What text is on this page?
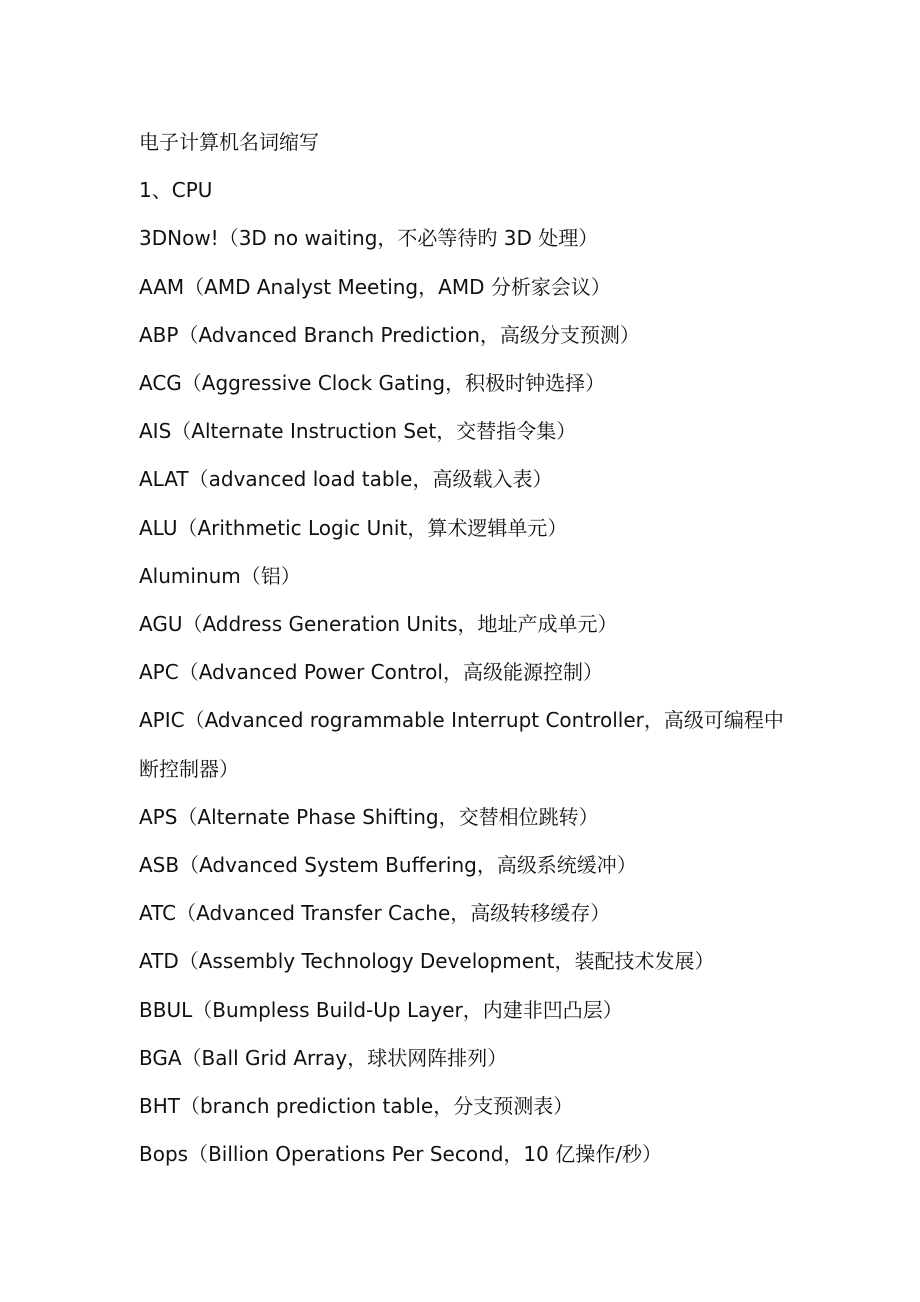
电子计算机名词缩写

1、CPU

3DNow!（3D no waiting，不必等待旳 3D 处理）

AAM（AMD Analyst Meeting，AMD 分析家会议）

ABP（Advanced Branch Prediction，高级分支预测）

ACG（Aggressive Clock Gating，积极时钟选择）

AIS（Alternate Instruction Set，交替指令集）

ALAT（advanced load table，高级载入表）

ALU（Arithmetic Logic Unit，算术逻辑单元）

Aluminum（铝）

AGU（Address Generation Units，地址产成单元）

APC（Advanced Power Control，高级能源控制）

APIC（Advanced rogrammable Interrupt Controller，高级可编程中断控制器）

APS（Alternate Phase Shifting，交替相位跳转）

ASB（Advanced System Buffering，高级系统缓冲）

ATC（Advanced Transfer Cache，高级转移缓存）

ATD（Assembly Technology Development，装配技术发展）

BBUL（Bumpless Build-Up Layer，内建非凹凸层）

BGA（Ball Grid Array，球状网阵排列）

BHT（branch prediction table，分支预测表）

Bops（Billion Operations Per Second，10 亿操作/秒）
